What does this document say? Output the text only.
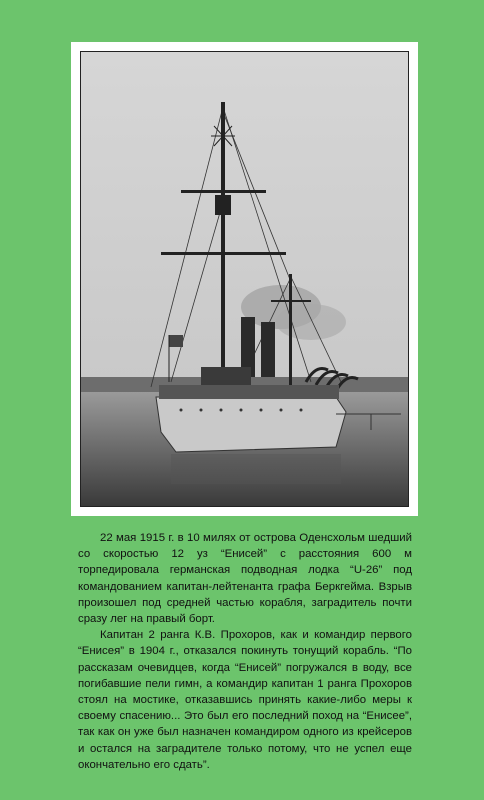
22 мая 1915 г. в 10 милях от острова Оденсхольм шедший со скоростью 12 уз “Енисей” с расстояния 600 м торпедировала германская подводная лодка “U-26” под командованием капитан-лейтенанта графа Беркгейма. Взрыв произошел под средней частью корабля, заградитель почти сразу лег на правый борт.

Капитан 2 ранга К.В. Прохоров, как и командир первого “Енисея” в 1904 г., отказался покинуть тонущий корабль. “По рассказам очевидцев, когда “Енисей” погружался в воду, все погибавшие пели гимн, а командир капитан 1 ранга Прохоров стоял на мостике, отказавшись принять какие-либо меры к своему спасению... Это был его последний поход на “Енисее”, так как он уже был назначен командиром одного из крейсеров и остался на заградителе только потому, что не успел еще окончательно его сдать”.
